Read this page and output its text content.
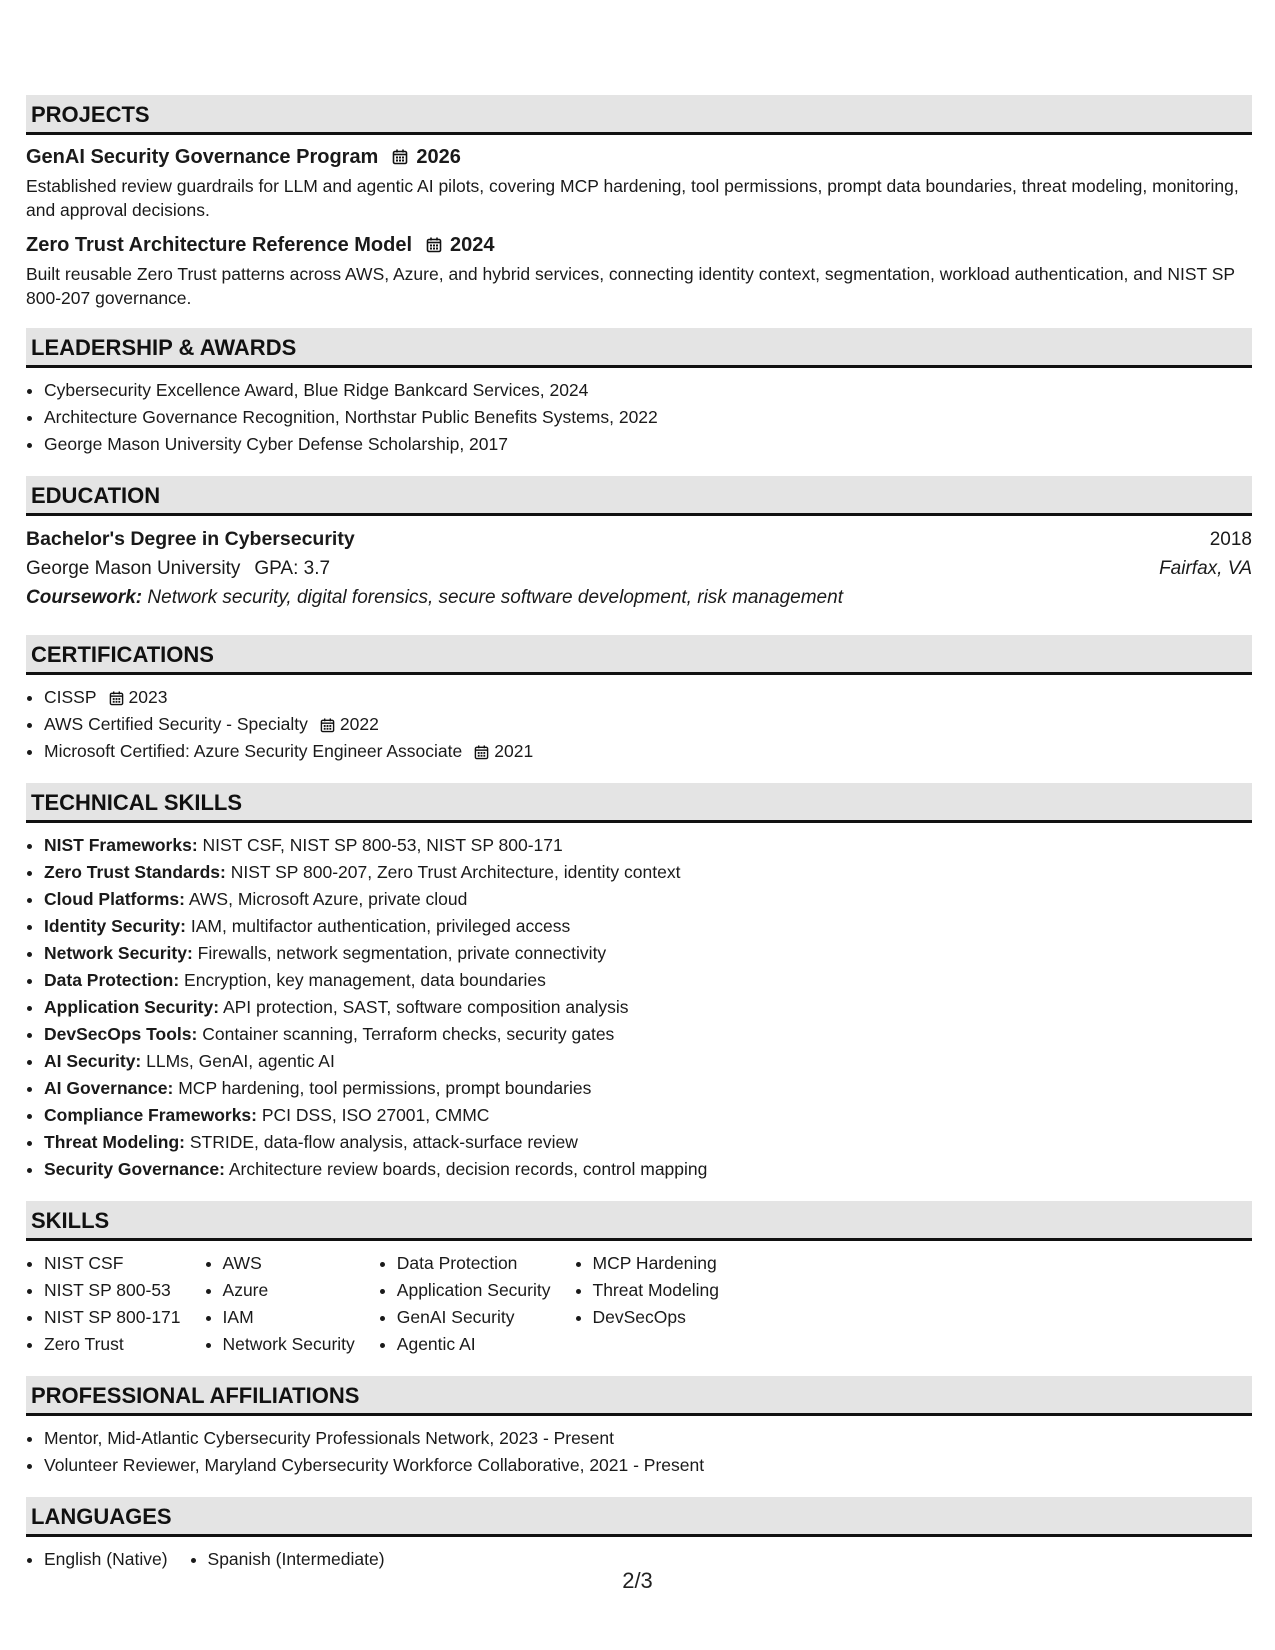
PROJECTS
GenAI Security Governance Program 2026
Established review guardrails for LLM and agentic AI pilots, covering MCP hardening, tool permissions, prompt data boundaries, threat modeling, monitoring, and approval decisions.
Zero Trust Architecture Reference Model 2024
Built reusable Zero Trust patterns across AWS, Azure, and hybrid services, connecting identity context, segmentation, workload authentication, and NIST SP 800-207 governance.
LEADERSHIP & AWARDS
• Cybersecurity Excellence Award, Blue Ridge Bankcard Services, 2024
• Architecture Governance Recognition, Northstar Public Benefits Systems, 2022
• George Mason University Cyber Defense Scholarship, 2017
EDUCATION
Bachelor's Degree in Cybersecurity	2018
George Mason University GPA: 3.7	Fairfax, VA
Coursework: Network security, digital forensics, secure software development, risk management
CERTIFICATIONS
• CISSP 2023
• AWS Certified Security - Specialty 2022
• Microsoft Certified: Azure Security Engineer Associate 2021
TECHNICAL SKILLS
• NIST Frameworks: NIST CSF, NIST SP 800-53, NIST SP 800-171
• Zero Trust Standards: NIST SP 800-207, Zero Trust Architecture, identity context
• Cloud Platforms: AWS, Microsoft Azure, private cloud
• Identity Security: IAM, multifactor authentication, privileged access
• Network Security: Firewalls, network segmentation, private connectivity
• Data Protection: Encryption, key management, data boundaries
• Application Security: API protection, SAST, software composition analysis
• DevSecOps Tools: Container scanning, Terraform checks, security gates
• AI Security: LLMs, GenAI, agentic AI
• AI Governance: MCP hardening, tool permissions, prompt boundaries
• Compliance Frameworks: PCI DSS, ISO 27001, CMMC
• Threat Modeling: STRIDE, data-flow analysis, attack-surface review
• Security Governance: Architecture review boards, decision records, control mapping
SKILLS
• NIST CSF
• NIST SP 800-53
• NIST SP 800-171
• Zero Trust
• AWS
• Azure
• IAM
• Network Security
• Data Protection
• Application Security
• GenAI Security
• Agentic AI
• MCP Hardening
• Threat Modeling
• DevSecOps
PROFESSIONAL AFFILIATIONS
• Mentor, Mid-Atlantic Cybersecurity Professionals Network, 2023 - Present
• Volunteer Reviewer, Maryland Cybersecurity Workforce Collaborative, 2021 - Present
LANGUAGES
• English (Native)
• Spanish (Intermediate)
2/3
